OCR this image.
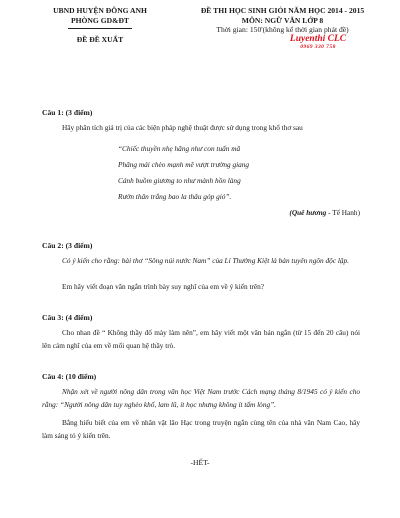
UBND HUYỆN ĐÔNG ANH
PHÒNG GD&ĐT
ĐỀ ĐỀ XUẤT
ĐỀ THI HỌC SINH GIỎI NĂM HỌC 2014 - 2015
MÔN: NGỮ VĂN LỚP 8
Thời gian: 150'(không kể thời gian phát đề)
Luyenthi CLC
0969 330 758
Câu 1: (3 điểm)
Hãy phân tích giá trị của các biện pháp nghệ thuật được sử dụng trong khổ thơ sau
“Chiếc thuyền nhẹ hăng như con tuấn mã
Phăng mái chèo mạnh mẽ vượt trường giang
Cánh buồm giương to như mảnh hồn làng
Rướn thân trắng bao la thâu góp gió”.
(Quê hương - Tế Hanh)
Câu 2: (3 điểm)
Có ý kiến cho rằng: bài thơ “Sông núi nước Nam” của Lí Thường Kiệt là bản tuyên ngôn độc lập.
Em hãy viết đoạn văn ngắn trình bày suy nghĩ của em về ý kiến trên?
Câu 3: (4 điểm)
Cho nhan đề “ Không thầy đố mày làm nên”, em hãy viết một văn bản ngắn (từ 15 đến 20 câu) nói lên cảm nghĩ của em về mối quan hệ thầy trò.
Câu 4: (10 điểm)
Nhận xét về người nông dân trong văn học Việt Nam trước Cách mạng tháng 8/1945 có ý kiến cho rằng: “Người nông dân tuy nghèo khổ, lam lũ, ít học nhưng không ít tấm lòng”.
Bằng hiểu biết của em về nhân vật lão Hạc trong truyện ngắn cùng tên của nhà văn Nam Cao, hãy làm sáng tỏ ý kiến trên.
-HẾT-
